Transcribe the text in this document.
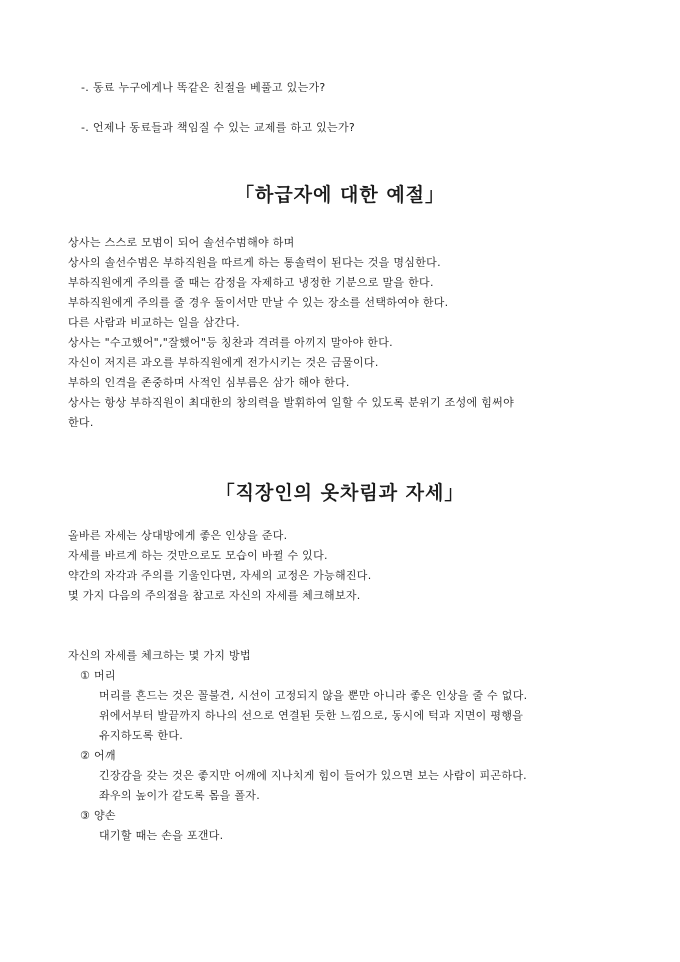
-. 동료 누구에게나 똑같은 친절을 베풀고 있는가?
-. 언제나 동료들과 책임질 수 있는 교제를 하고 있는가?
「하급자에 대한 예절」
상사는 스스로 모범이 되어 솔선수범해야 하며
상사의 솔선수범은 부하직원을 따르게 하는 통솔력이 된다는 것을 명심한다.
부하직원에게 주의를 줄 때는 감정을 자제하고 냉정한 기분으로 말을 한다.
부하직원에게 주의를 줄 경우 둘이서만 만날 수 있는 장소를 선택하여야 한다.
다른 사람과 비교하는 일을 삼간다.
상사는 "수고했어","잘했어"등 칭찬과 격려를 아끼지 말아야 한다.
자신이 저지른 과오를 부하직원에게 전가시키는 것은 금물이다.
부하의 인격을 존중하며 사적인 심부름은 삼가 해야 한다.
상사는 항상 부하직원이 최대한의 창의력을 발휘하여 일할 수 있도록 분위기 조성에 힘써야
한다.
「직장인의 옷차림과 자세」
올바른 자세는 상대방에게 좋은 인상을 준다.
자세를 바르게 하는 것만으로도 모습이 바뀔 수 있다.
약간의 자각과 주의를 기울인다면, 자세의 교정은 가능해진다.
몇 가지 다음의 주의점을 참고로 자신의 자세를 체크해보자.
자신의 자세를 체크하는 몇 가지 방법
① 머리
머리를 흔드는 것은 꼴불견, 시선이 고정되지 않을 뿐만 아니라 좋은 인상을 줄 수 없다.
위에서부터 발끝까지 하나의 선으로 연결된 듯한 느낌으로, 동시에 턱과 지면이 평행을
유지하도록 한다.
② 어깨
긴장감을 갖는 것은 좋지만 어깨에 지나치게 힘이 들어가 있으면 보는 사람이 피곤하다.
좌우의 높이가 같도록 몸을 폴자.
③ 양손
대기할 때는 손을 포갠다.
